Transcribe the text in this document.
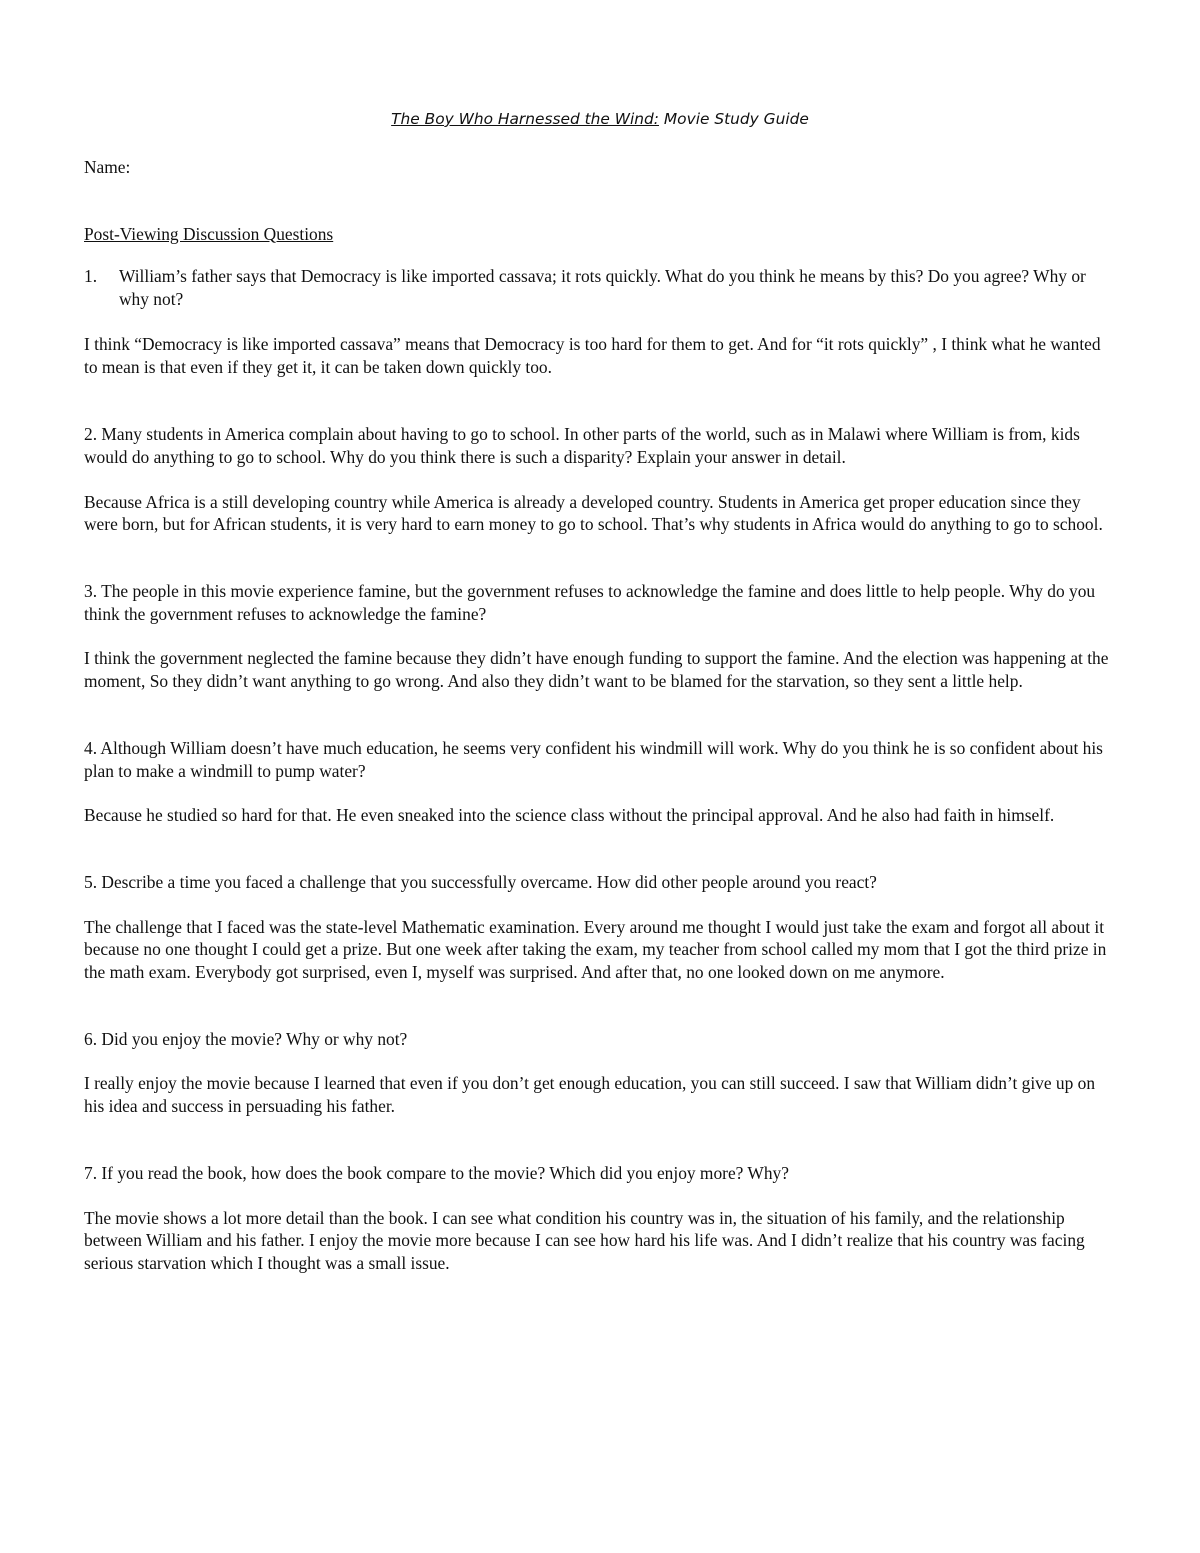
The Boy Who Harnessed the Wind: Movie Study Guide
Name:
Post-Viewing Discussion Questions
1.	William’s father says that Democracy is like imported cassava; it rots quickly. What do you think he means by this? Do you agree? Why or why not?

I think “Democracy is like imported cassava” means that Democracy is too hard for them to get. And for “it rots quickly” , I think what he wanted to mean is that even if they get it, it can be taken down quickly too.

2. Many students in America complain about having to go to school. In other parts of the world, such as in Malawi where William is from, kids would do anything to go to school. Why do you think there is such a disparity? Explain your answer in detail.

Because Africa is a still developing country while America is already a developed country. Students in America get proper education since they were born, but for African students, it is very hard to earn money to go to school. That’s why students in Africa would do anything to go to school.

3. The people in this movie experience famine, but the government refuses to acknowledge the famine and does little to help people. Why do you think the government refuses to acknowledge the famine?

I think the government neglected the famine because they didn’t have enough funding to support the famine. And the election was happening at the moment, So they didn’t want anything to go wrong. And also they didn’t want to be blamed for the starvation, so they sent a little help.

4. Although William doesn’t have much education, he seems very confident his windmill will work. Why do you think he is so confident about his plan to make a windmill to pump water?

Because he studied so hard for that. He even sneaked into the science class without the principal approval. And he also had faith in himself.

5. Describe a time you faced a challenge that you successfully overcame. How did other people around you react?

The challenge that I faced was the state-level Mathematic examination. Every around me thought I would just take the exam and forgot all about it because no one thought I could get a prize. But one week after taking the exam, my teacher from school called my mom that I got the third prize in the math exam. Everybody got surprised, even I, myself was surprised. And after that, no one looked down on me anymore.

6. Did you enjoy the movie? Why or why not?

I really enjoy the movie because I learned that even if you don’t get enough education, you can still succeed. I saw that William didn’t give up on his idea and success in persuading his father.

7. If you read the book, how does the book compare to the movie? Which did you enjoy more? Why?

The movie shows a lot more detail than the book. I can see what condition his country was in, the situation of his family, and the relationship between William and his father. I enjoy the movie more because I can see how hard his life was. And I didn’t realize that his country was facing serious starvation which I thought was a small issue.
